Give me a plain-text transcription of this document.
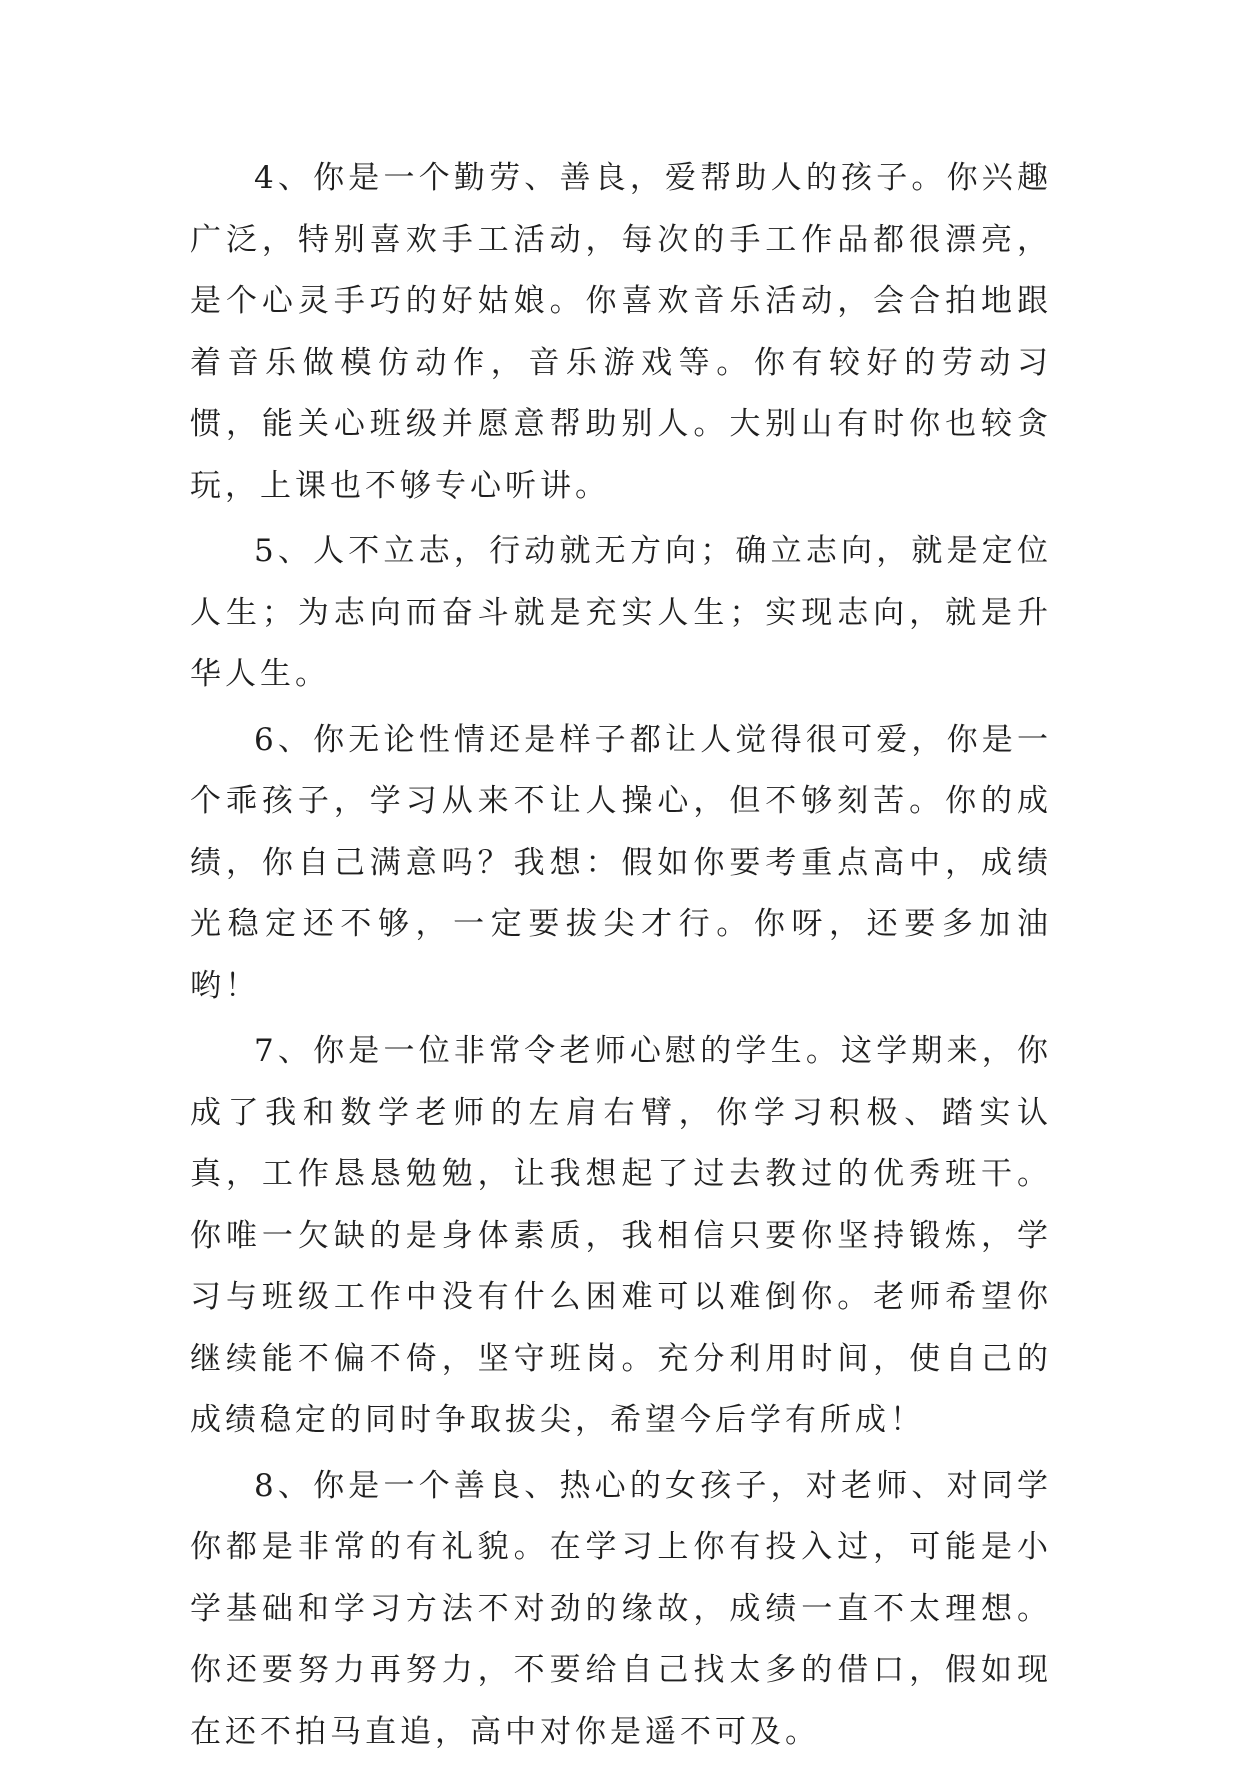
4、你是一个勤劳、善良，爱帮助人的孩子。你兴趣广泛，特别喜欢手工活动，每次的手工作品都很漂亮，是个心灵手巧的好姑娘。你喜欢音乐活动，会合拍地跟着音乐做模仿动作，音乐游戏等。你有较好的劳动习惯，能关心班级并愿意帮助别人。大别山有时你也较贪玩，上课也不够专心听讲。

5、人不立志，行动就无方向；确立志向，就是定位人生；为志向而奋斗就是充实人生；实现志向，就是升华人生。

6、你无论性情还是样子都让人觉得很可爱，你是一个乖孩子，学习从来不让人操心，但不够刻苦。你的成绩，你自己满意吗？我想：假如你要考重点高中，成绩光稳定还不够，一定要拔尖才行。你呀，还要多加油哟！

7、你是一位非常令老师心慰的学生。这学期来，你成了我和数学老师的左肩右臂，你学习积极、踏实认真，工作恳恳勉勉，让我想起了过去教过的优秀班干。你唯一欠缺的是身体素质，我相信只要你坚持锻炼，学习与班级工作中没有什么困难可以难倒你。老师希望你继续能不偏不倚，坚守班岗。充分利用时间，使自己的成绩稳定的同时争取拔尖，希望今后学有所成！

8、你是一个善良、热心的女孩子，对老师、对同学你都是非常的有礼貌。在学习上你有投入过，可能是小学基础和学习方法不对劲的缘故，成绩一直不太理想。你还要努力再努力，不要给自己找太多的借口，假如现在还不拍马直追，高中对你是遥不可及。
